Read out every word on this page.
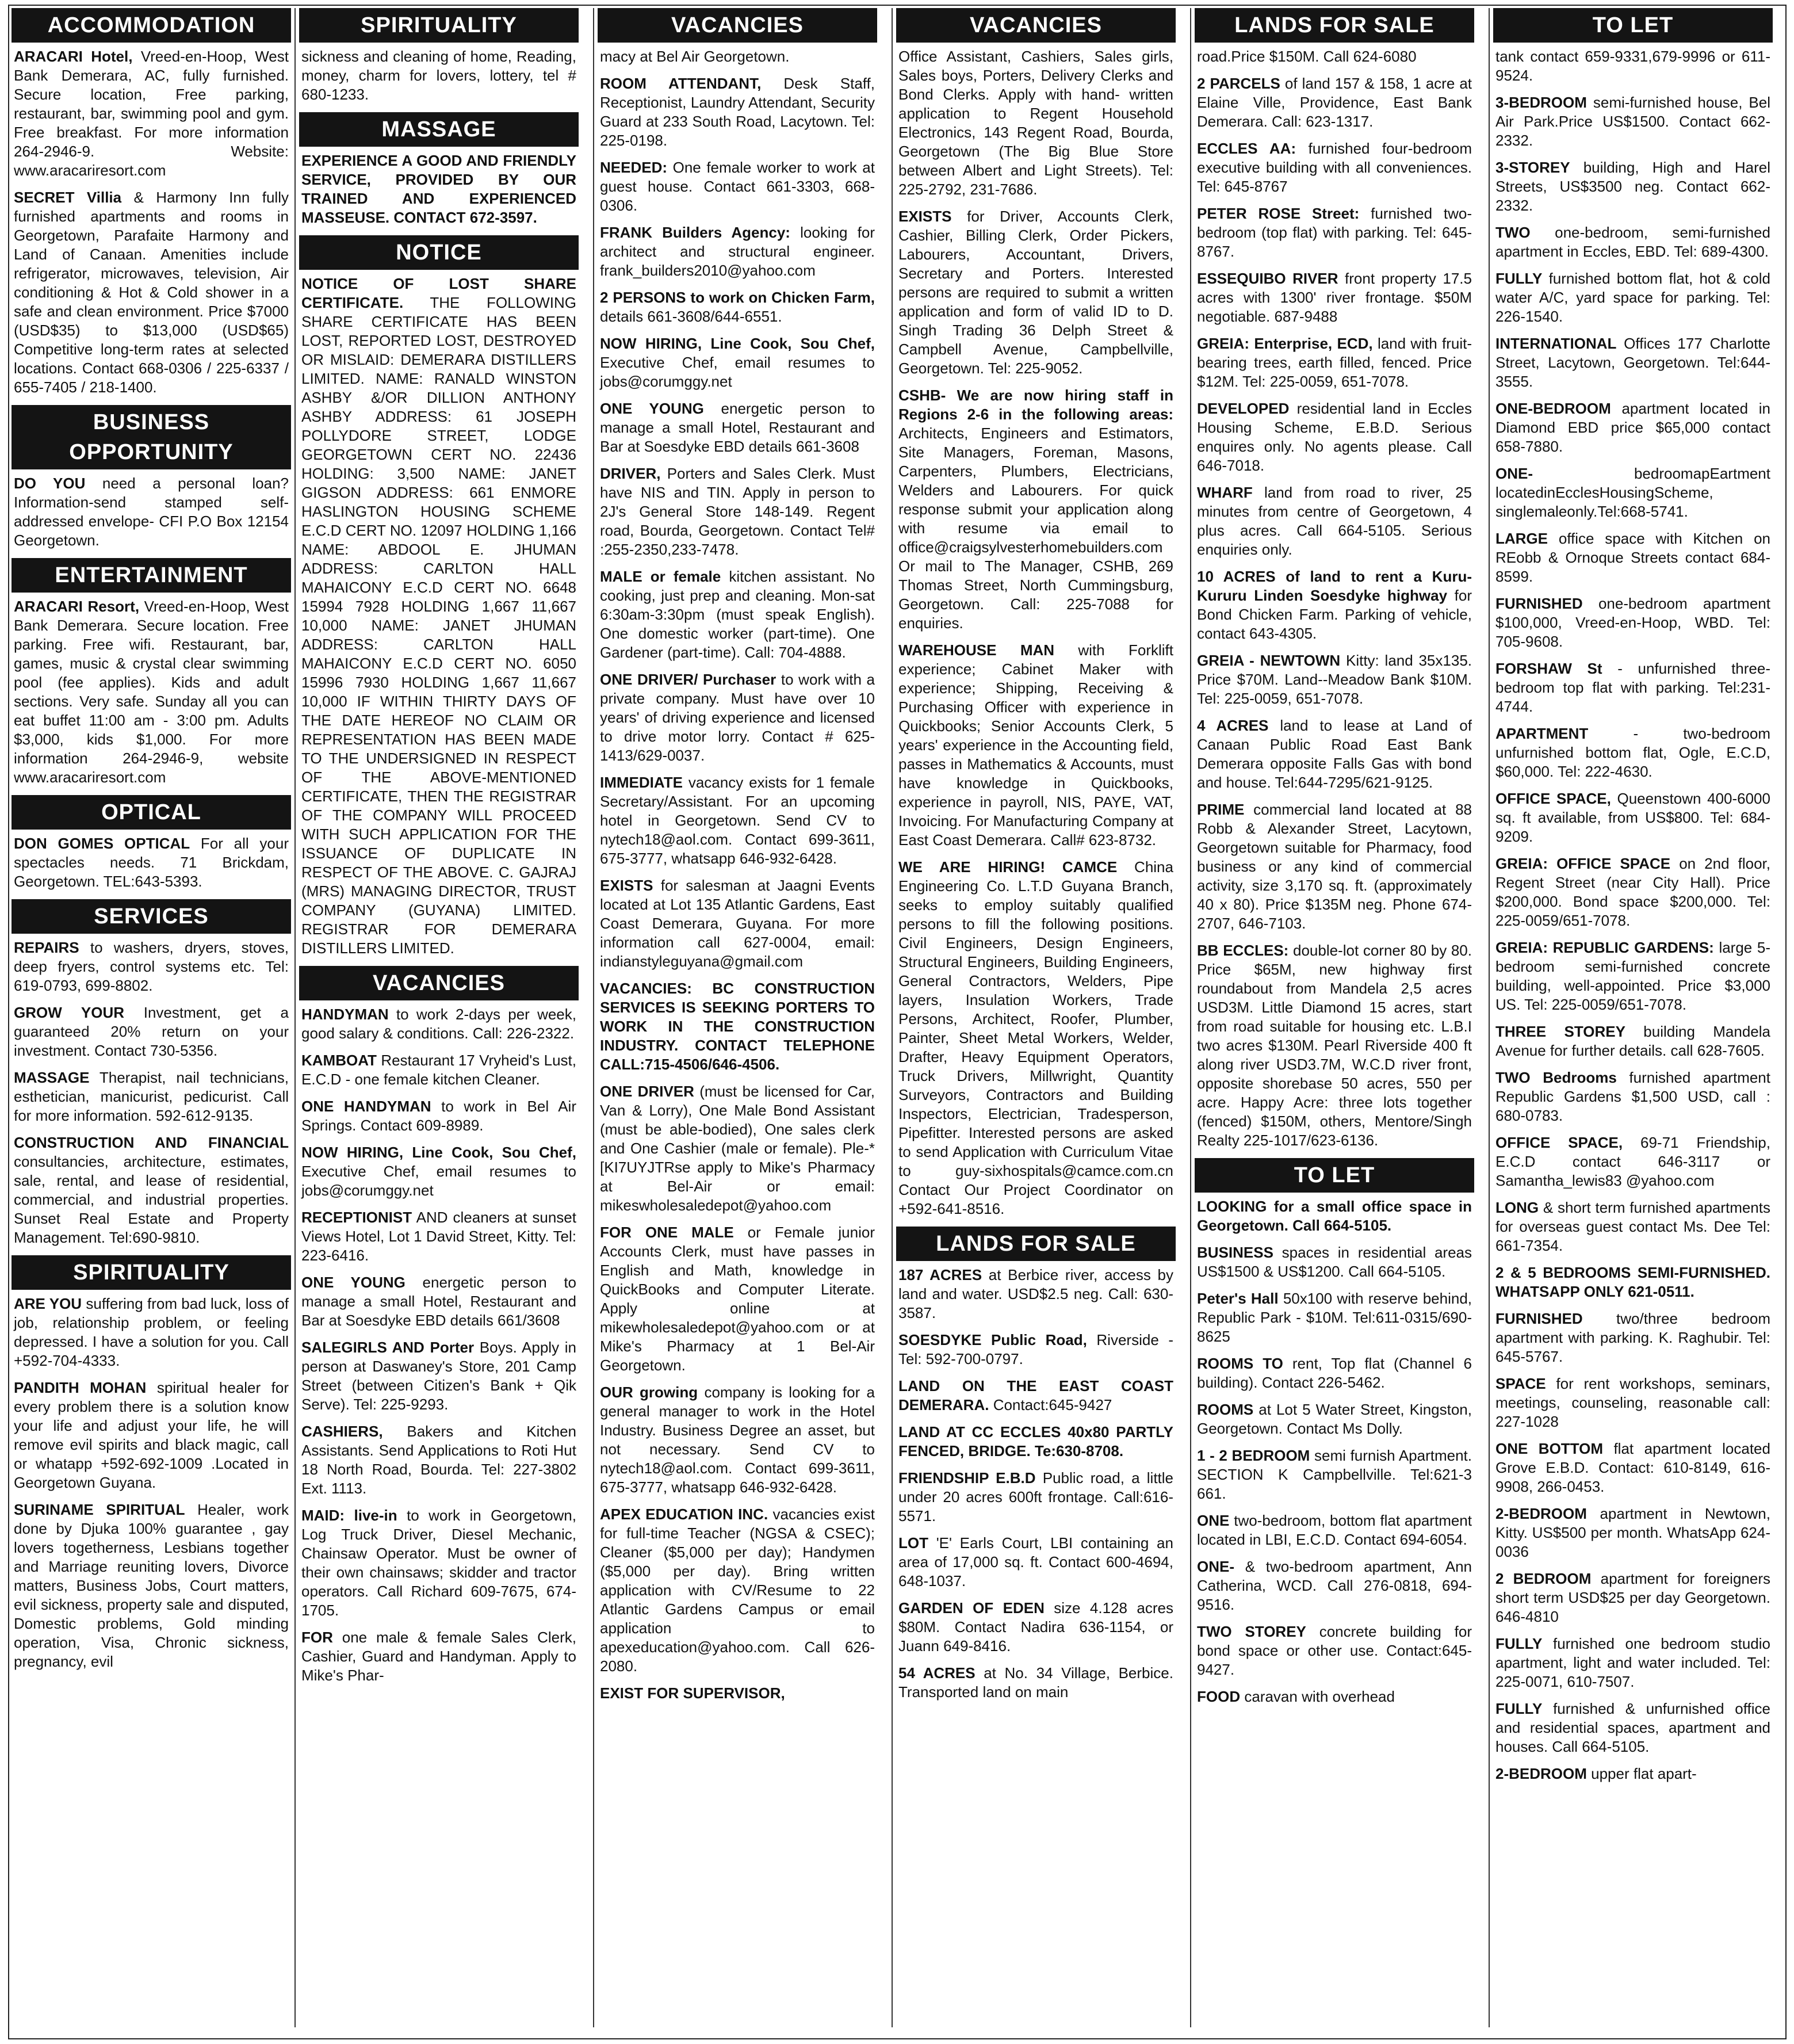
ACCOMMODATION

ARACARI Hotel, Vreed-en-Hoop, West Bank Demerara, AC, fully furnished. Secure location, Free parking, restaurant, bar, swimming pool and gym. Free breakfast. For more information 264-2946-9. Website: www.aracariresort.com

SECRET Villia & Harmony Inn fully furnished apartments and rooms in Georgetown, Parafaite Harmony and Land of Canaan. Amenities include refrigerator, microwaves, television, Air conditioning & Hot & Cold shower in a safe and clean environment. Price $7000 (USD$35) to $13,000 (USD$65) Competitive long-term rates at selected locations. Contact 668-0306 / 225-6337 / 655-7405 / 218-1400.

BUSINESS OPPORTUNITY

DO YOU need a personal loan? Information-send stamped self-addressed envelope- CFI P.O Box 12154 Georgetown.

ENTERTAINMENT

ARACARI Resort, Vreed-en-Hoop, West Bank Demerara. Secure location. Free parking. Free wifi. Restaurant, bar, games, music & crystal clear swimming pool (fee applies). Kids and adult sections. Very safe. Sunday all you can eat buffet 11:00 am - 3:00 pm. Adults $3,000, kids $1,000. For more information 264-2946-9, website www.aracariresort.com

OPTICAL

DON GOMES OPTICAL For all your spectacles needs. 71 Brickdam, Georgetown. TEL:643-5393.

SERVICES

REPAIRS to washers, dryers, stoves, deep fryers, control systems etc. Tel: 619-0793, 699-8802.

GROW YOUR Investment, get a guaranteed 20% return on your investment. Contact 730-5356.

MASSAGE Therapist, nail technicians, esthetician, manicurist, pedicurist. Call for more information. 592-612-9135.

CONSTRUCTION AND FINANCIAL consultancies, architecture, estimates, sale, rental, and lease of residential, commercial, and industrial properties. Sunset Real Estate and Property Management. Tel:690-9810.

SPIRITUALITY

ARE YOU suffering from bad luck, loss of job, relationship problem, or feeling depressed. I have a solution for you. Call +592-704-4333.

PANDITH MOHAN spiritual healer for every problem there is a solution know your life and adjust your life, he will remove evil spirits and black magic, call or whatapp +592-692-1009 .Located in Georgetown Guyana.

SURINAME SPIRITUAL Healer, work done by Djuka 100% guarantee , gay lovers togetherness, Lesbians together and Marriage reuniting lovers, Divorce matters, Business Jobs, Court matters, evil sickness, property sale and disputed, Domestic problems, Gold minding operation, Visa, Chronic sickness, pregnancy, evil

SPIRITUALITY

sickness and cleaning of home, Reading, money, charm for lovers, lottery, tel # 680-1233.

MASSAGE

EXPERIENCE A GOOD AND FRIENDLY SERVICE, PROVIDED BY OUR TRAINED AND EXPERIENCED MASSEUSE. CONTACT 672-3597.

NOTICE

NOTICE OF LOST SHARE CERTIFICATE. THE FOLLOWING SHARE CERTIFICATE HAS BEEN LOST, REPORTED LOST, DESTROYED OR MISLAID: DEMERARA DISTILLERS LIMITED. NAME: RANALD WINSTON ASHBY &/OR DILLION ANTHONY ASHBY ADDRESS: 61 JOSEPH POLLYDORE STREET, LODGE GEORGETOWN CERT NO. 22436 HOLDING: 3,500 NAME: JANET GIGSON ADDRESS: 661 ENMORE HASLINGTON HOUSING SCHEME E.C.D CERT NO. 12097 HOLDING 1,166 NAME: ABDOOL E. JHUMAN ADDRESS: CARLTON HALL MAHAICONY E.C.D CERT NO. 6648 15994 7928 HOLDING 1,667 11,667 10,000 NAME: JANET JHUMAN ADDRESS: CARLTON HALL MAHAICONY E.C.D CERT NO. 6050 15996 7930 HOLDING 1,667 11,667 10,000 IF WITHIN THIRTY DAYS OF THE DATE HEREOF NO CLAIM OR REPRESENTATION HAS BEEN MADE TO THE UNDERSIGNED IN RESPECT OF THE ABOVE-MENTIONED CERTIFICATE, THEN THE REGISTRAR OF THE COMPANY WILL PROCEED WITH SUCH APPLICATION FOR THE ISSUANCE OF DUPLICATE IN RESPECT OF THE ABOVE. C. GAJRAJ (MRS) MANAGING DIRECTOR, TRUST COMPANY (GUYANA) LIMITED. REGISTRAR FOR DEMERARA DISTILLERS LIMITED.

VACANCIES

HANDYMAN to work 2-days per week, good salary & conditions. Call: 226-2322.

KAMBOAT Restaurant 17 Vryheid's Lust, E.C.D - one female kitchen Cleaner.

ONE HANDYMAN to work in Bel Air Springs. Contact 609-8989.

NOW HIRING, Line Cook, Sou Chef, Executive Chef, email resumes to jobs@corumggy.net

RECEPTIONIST AND cleaners at sunset Views Hotel, Lot 1 David Street, Kitty. Tel: 223-6416.

ONE YOUNG energetic person to manage a small Hotel, Restaurant and Bar at Soesdyke EBD details 661/3608

SALEGIRLS AND Porter Boys. Apply in person at Daswaney's Store, 201 Camp Street (between Citizen's Bank + Qik Serve). Tel: 225-9293.

CASHIERS, Bakers and Kitchen Assistants. Send Applications to Roti Hut 18 North Road, Bourda. Tel: 227-3802 Ext. 1113.

MAID: live-in to work in Georgetown, Log Truck Driver, Diesel Mechanic, Chainsaw Operator. Must be owner of their own chainsaws; skidder and tractor operators. Call Richard 609-7675, 674-1705.

FOR one male & female Sales Clerk, Cashier, Guard and Handyman. Apply to Mike's Phar-

VACANCIES

macy at Bel Air Georgetown.

ROOM ATTENDANT, Desk Staff, Receptionist, Laundry Attendant, Security Guard at 233 South Road, Lacytown. Tel: 225-0198.

NEEDED: One female worker to work at guest house. Contact 661-3303, 668-0306.

FRANK Builders Agency: looking for architect and structural engineer. frank_builders2010@yahoo.com

2 PERSONS to work on Chicken Farm, details 661-3608/644-6551.

NOW HIRING, Line Cook, Sou Chef, Executive Chef, email resumes to jobs@corumggy.net

ONE YOUNG energetic person to manage a small Hotel, Restaurant and Bar at Soesdyke EBD details 661-3608

DRIVER, Porters and Sales Clerk. Must have NIS and TIN. Apply in person to 2J's General Store 148-149. Regent road, Bourda, Georgetown. Contact Tel# :255-2350,233-7478.

MALE or female kitchen assistant. No cooking, just prep and cleaning. Mon-sat 6:30am-3:30pm (must speak English). One domestic worker (part-time). One Gardener (part-time). Call: 704-4888.

ONE DRIVER/ Purchaser to work with a private company. Must have over 10 years' of driving experience and licensed to drive motor lorry. Contact # 625-1413/629-0037.

IMMEDIATE vacancy exists for 1 female Secretary/Assistant. For an upcoming hotel in Georgetown. Send CV to nytech18@aol.com. Contact 699-3611, 675-3777, whatsapp 646-932-6428.

EXISTS for salesman at Jaagni Events located at Lot 135 Atlantic Gardens, East Coast Demerara, Guyana. For more information call 627-0004, email: indianstyleguyana@gmail.com

VACANCIES: BC CONSTRUCTION SERVICES IS SEEKING PORTERS TO WORK IN THE CONSTRUCTION INDUSTRY. CONTACT TELEPHONE CALL:715-4506/646-4506.

ONE DRIVER (must be licensed for Car, Van & Lorry), One Male Bond Assistant (must be able-bodied), One sales clerk and One Cashier (male or female). Ple-*[KI7UYJTRse apply to Mike's Pharmacy at Bel-Air or email: mikeswholesaledepot@yahoo.com

FOR ONE MALE or Female junior Accounts Clerk, must have passes in English and Math, knowledge in QuickBooks and Computer Literate. Apply online at mikewholesaledepot@yahoo.com or at Mike's Pharmacy at 1 Bel-Air Georgetown.

OUR growing company is looking for a general manager to work in the Hotel Industry. Business Degree an asset, but not necessary. Send CV to nytech18@aol.com. Contact 699-3611, 675-3777, whatsapp 646-932-6428.

APEX EDUCATION INC. vacancies exist for full-time Teacher (NGSA & CSEC); Cleaner ($5,000 per day); Handymen ($5,000 per day). Bring written application with CV/Resume to 22 Atlantic Gardens Campus or email application to apexeducation@yahoo.com. Call 626-2080.

EXIST FOR SUPERVISOR,

VACANCIES

Office Assistant, Cashiers, Sales girls, Sales boys, Porters, Delivery Clerks and Bond Clerks. Apply with hand- written application to Regent Household Electronics, 143 Regent Road, Bourda, Georgetown (The Big Blue Store between Albert and Light Streets). Tel: 225-2792, 231-7686.

EXISTS for Driver, Accounts Clerk, Cashier, Billing Clerk, Order Pickers, Labourers, Accountant, Drivers, Secretary and Porters. Interested persons are required to submit a written application and form of valid ID to D. Singh Trading 36 Delph Street & Campbell Avenue, Campbellville, Georgetown. Tel: 225-9052.

CSHB- We are now hiring staff in Regions 2-6 in the following areas: Architects, Engineers and Estimators, Site Managers, Foreman, Masons, Carpenters, Plumbers, Electricians, Welders and Labourers. For quick response submit your application along with resume via email to office@craigsylvesterhomebuilders.com Or mail to The Manager, CSHB, 269 Thomas Street, North Cummingsburg, Georgetown. Call: 225-7088 for enquiries.

WAREHOUSE MAN with Forklift experience; Cabinet Maker with experience; Shipping, Receiving & Purchasing Officer with experience in Quickbooks; Senior Accounts Clerk, 5 years' experience in the Accounting field, passes in Mathematics & Accounts, must have knowledge in Quickbooks, experience in payroll, NIS, PAYE, VAT, Invoicing. For Manufacturing Company at East Coast Demerara. Call# 623-8732.

WE ARE HIRING! CAMCE China Engineering Co. L.T.D Guyana Branch, seeks to employ suitably qualified persons to fill the following positions. Civil Engineers, Design Engineers, Structural Engineers, Building Engineers, General Contractors, Welders, Pipe layers, Insulation Workers, Trade Persons, Architect, Roofer, Plumber, Painter, Sheet Metal Workers, Welder, Drafter, Heavy Equipment Operators, Truck Drivers, Millwright, Quantity Surveyors, Contractors and Building Inspectors, Electrician, Tradesperson, Pipefitter. Interested persons are asked to send Application with Curriculum Vitae to guy-sixhospitals@camce.com.cn Contact Our Project Coordinator on +592-641-8516.

LANDS FOR SALE

187 ACRES at Berbice river, access by land and water. USD$2.5 neg. Call: 630-3587.

SOESDYKE Public Road, Riverside - Tel: 592-700-0797.

LAND ON THE EAST COAST DEMERARA. Contact:645-9427

LAND AT CC ECCLES 40x80 PARTLY FENCED, BRIDGE. Te:630-8708.

FRIENDSHIP E.B.D Public road, a little under 20 acres 600ft frontage. Call:616-5571.

LOT 'E' Earls Court, LBI containing an area of 17,000 sq. ft. Contact 600-4694, 648-1037.

GARDEN OF EDEN size 4.128 acres $80M. Contact Nadira 636-1154, or Juann 649-8416.

54 ACRES at No. 34 Village, Berbice. Transported land on main

LANDS FOR SALE

road.Price $150M. Call 624-6080

2 PARCELS of land 157 & 158, 1 acre at Elaine Ville, Providence, East Bank Demerara. Call: 623-1317.

ECCLES AA: furnished four-bedroom executive building with all conveniences. Tel: 645-8767

PETER ROSE Street: furnished two-bedroom (top flat) with parking. Tel: 645-8767.

ESSEQUIBO RIVER front property 17.5 acres with 1300' river frontage. $50M negotiable. 687-9488

GREIA: Enterprise, ECD, land with fruit-bearing trees, earth filled, fenced. Price $12M. Tel: 225-0059, 651-7078.

DEVELOPED residential land in Eccles Housing Scheme, E.B.D. Serious enquires only. No agents please. Call 646-7018.

WHARF land from road to river, 25 minutes from centre of Georgetown, 4 plus acres. Call 664-5105. Serious enquiries only.

10 ACRES of land to rent a Kuru-Kururu Linden Soesdyke highway for Bond Chicken Farm. Parking of vehicle, contact 643-4305.

GREIA - NEWTOWN Kitty: land 35x135. Price $70M. Land--Meadow Bank $10M. Tel: 225-0059, 651-7078.

4 ACRES land to lease at Land of Canaan Public Road East Bank Demerara opposite Falls Gas with bond and house. Tel:644-7295/621-9125.

PRIME commercial land located at 88 Robb & Alexander Street, Lacytown, Georgetown suitable for Pharmacy, food business or any kind of commercial activity, size 3,170 sq. ft. (approximately 40 x 80). Price $135M neg. Phone 674-2707, 646-7103.

BB ECCLES: double-lot corner 80 by 80. Price $65M, new highway first roundabout from Mandela 2,5 acres USD3M. Little Diamond 15 acres, start from road suitable for housing etc. L.B.I two acres $130M. Pearl Riverside 400 ft along river USD3.7M, W.C.D river front, opposite shorebase 50 acres, 550 per acre. Happy Acre: three lots together (fenced) $150M, others, Mentore/Singh Realty 225-1017/623-6136.

TO LET

LOOKING for a small office space in Georgetown. Call 664-5105.

BUSINESS spaces in residential areas US$1500 & US$1200. Call 664-5105.

Peter's Hall 50x100 with reserve behind, Republic Park - $10M. Tel:611-0315/690-8625

ROOMS TO rent, Top flat (Channel 6 building). Contact 226-5462.

ROOMS at Lot 5 Water Street, Kingston, Georgetown. Contact Ms Dolly.

1 - 2 BEDROOM semi furnish Apartment. SECTION K Campbellville. Tel:621-3 661.

ONE two-bedroom, bottom flat apartment located in LBI, E.C.D. Contact 694-6054.

ONE- & two-bedroom apartment, Ann Catherina, WCD. Call 276-0818, 694-9516.

TWO STOREY concrete building for bond space or other use. Contact:645-9427.

FOOD caravan with overhead

TO LET

tank contact 659-9331,679-9996 or 611-9524.

3-BEDROOM semi-furnished house, Bel Air Park.Price US$1500. Contact 662-2332.

3-STOREY building, High and Harel Streets, US$3500 neg. Contact 662-2332.

TWO one-bedroom, semi-furnished apartment in Eccles, EBD. Tel: 689-4300.

FULLY furnished bottom flat, hot & cold water A/C, yard space for parking. Tel: 226-1540.

INTERNATIONAL Offices 177 Charlotte Street, Lacytown, Georgetown. Tel:644-3555.

ONE-BEDROOM apartment located in Diamond EBD price $65,000 contact 658-7880.

ONE-	bedroomapEartment locatedinEcclesHousingScheme, singlemaleonly.Tel:668-5741.

LARGE office space with Kitchen on REobb & Ornoque Streets contact 684-8599.

FURNISHED one-bedroom apartment $100,000, Vreed-en-Hoop, WBD. Tel: 705-9608.

FORSHAW St - unfurnished three-bedroom top flat with parking. Tel:231-4744.

APARTMENT	- two-bedroom unfurnished bottom flat, Ogle, E.C.D, $60,000. Tel: 222-4630.

OFFICE SPACE, Queenstown 400-6000 sq. ft available, from US$800. Tel: 684-9209.

GREIA: OFFICE SPACE on 2nd floor, Regent Street (near City Hall). Price $200,000. Bond space $200,000. Tel: 225-0059/651-7078.

GREIA: REPUBLIC GARDENS: large 5-bedroom semi-furnished concrete building, well-appointed. Price $3,000 US. Tel: 225-0059/651-7078.

THREE STOREY building Mandela Avenue for further details. call 628-7605.

TWO Bedrooms furnished apartment Republic Gardens $1,500 USD, call : 680-0783.

OFFICE SPACE, 69-71 Friendship, E.C.D contact 646-3117 or Samantha_lewis83 @yahoo.com

LONG & short term furnished apartments for overseas guest contact Ms. Dee Tel: 661-7354.

2 & 5 BEDROOMS SEMI-FURNISHED. WHATSAPP ONLY 621-0511.

FURNISHED two/three bedroom apartment with parking. K. Raghubir. Tel: 645-5767.

SPACE for rent workshops, seminars, meetings, counseling, reasonable call: 227-1028

ONE BOTTOM flat apartment located Grove E.B.D. Contact: 610-8149, 616-9908, 266-0453.

2-BEDROOM apartment in Newtown, Kitty. US$500 per month. WhatsApp 624-0036

2 BEDROOM apartment for foreigners short term USD$25 per day Georgetown. 646-4810

FULLY furnished one bedroom studio apartment, light and water included. Tel: 225-0071, 610-7507.

FULLY furnished & unfurnished office and residential spaces, apartment and houses. Call 664-5105.

2-BEDROOM upper flat apart-
